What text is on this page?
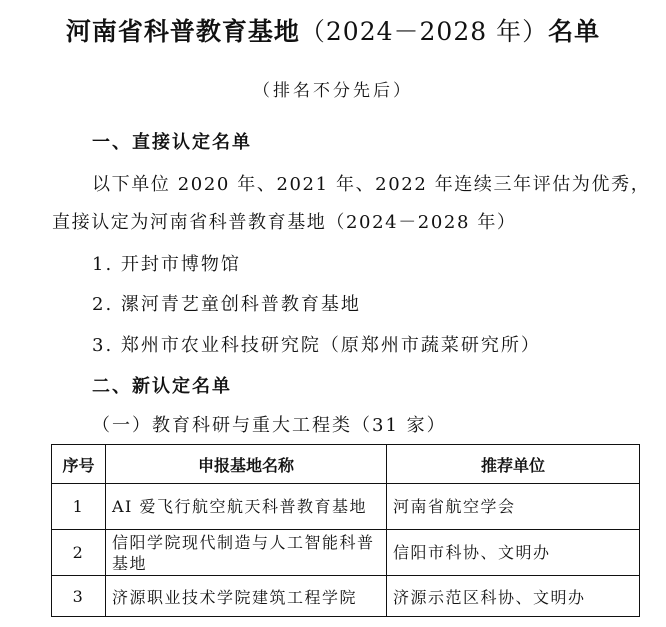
河南省科普教育基地（2024－2028 年）名单
（排名不分先后）
一、直接认定名单
以下单位 2020 年、2021 年、2022 年连续三年评估为优秀，
直接认定为河南省科普教育基地（2024－2028 年）
1. 开封市博物馆
2. 漯河青艺童创科普教育基地
3. 郑州市农业科技研究院（原郑州市蔬菜研究所）
二、新认定名单
（一）教育科研与重大工程类（31 家）
序号	申报基地名称	推荐单位
1	AI 爱飞行航空航天科普教育基地	河南省航空学会
2	信阳学院现代制造与人工智能科普基地	信阳市科协、文明办
3	济源职业技术学院建筑工程学院	济源示范区科协、文明办
